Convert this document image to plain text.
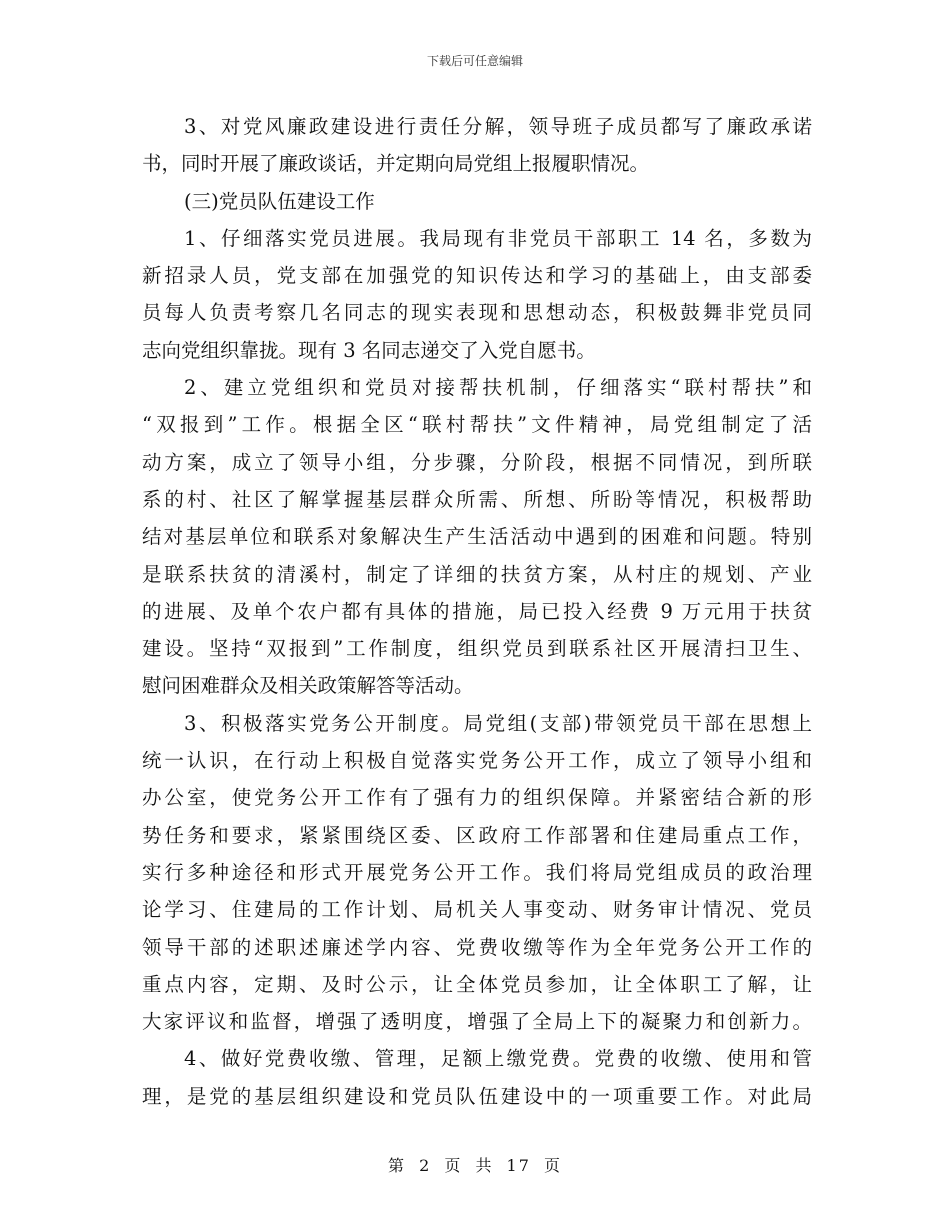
下载后可任意编辑
3、对党风廉政建设进行责任分解，领导班子成员都写了廉政承诺
书，同时开展了廉政谈话，并定期向局党组上报履职情况。
(三)党员队伍建设工作
1、仔细落实党员进展。我局现有非党员干部职工 14 名，多数为
新招录人员，党支部在加强党的知识传达和学习的基础上，由支部委
员每人负责考察几名同志的现实表现和思想动态，积极鼓舞非党员同
志向党组织靠拢。现有 3 名同志递交了入党自愿书。
2、建立党组织和党员对接帮扶机制，仔细落实“联村帮扶”和
“双报到”工作。根据全区“联村帮扶”文件精神，局党组制定了活
动方案，成立了领导小组，分步骤，分阶段，根据不同情况，到所联
系的村、社区了解掌握基层群众所需、所想、所盼等情况，积极帮助
结对基层单位和联系对象解决生产生活活动中遇到的困难和问题。特别
是联系扶贫的清溪村，制定了详细的扶贫方案，从村庄的规划、产业
的进展、及单个农户都有具体的措施，局已投入经费 9 万元用于扶贫
建设。坚持“双报到”工作制度，组织党员到联系社区开展清扫卫生、
慰问困难群众及相关政策解答等活动。
3、积极落实党务公开制度。局党组(支部)带领党员干部在思想上
统一认识，在行动上积极自觉落实党务公开工作，成立了领导小组和
办公室，使党务公开工作有了强有力的组织保障。并紧密结合新的形
势任务和要求，紧紧围绕区委、区政府工作部署和住建局重点工作，
实行多种途径和形式开展党务公开工作。我们将局党组成员的政治理
论学习、住建局的工作计划、局机关人事变动、财务审计情况、党员
领导干部的述职述廉述学内容、党费收缴等作为全年党务公开工作的
重点内容，定期、及时公示，让全体党员参加，让全体职工了解，让
大家评议和监督，增强了透明度，增强了全局上下的凝聚力和创新力。
4、做好党费收缴、管理，足额上缴党费。党费的收缴、使用和管
理，是党的基层组织建设和党员队伍建设中的一项重要工作。对此局
第 2 页 共 17 页
